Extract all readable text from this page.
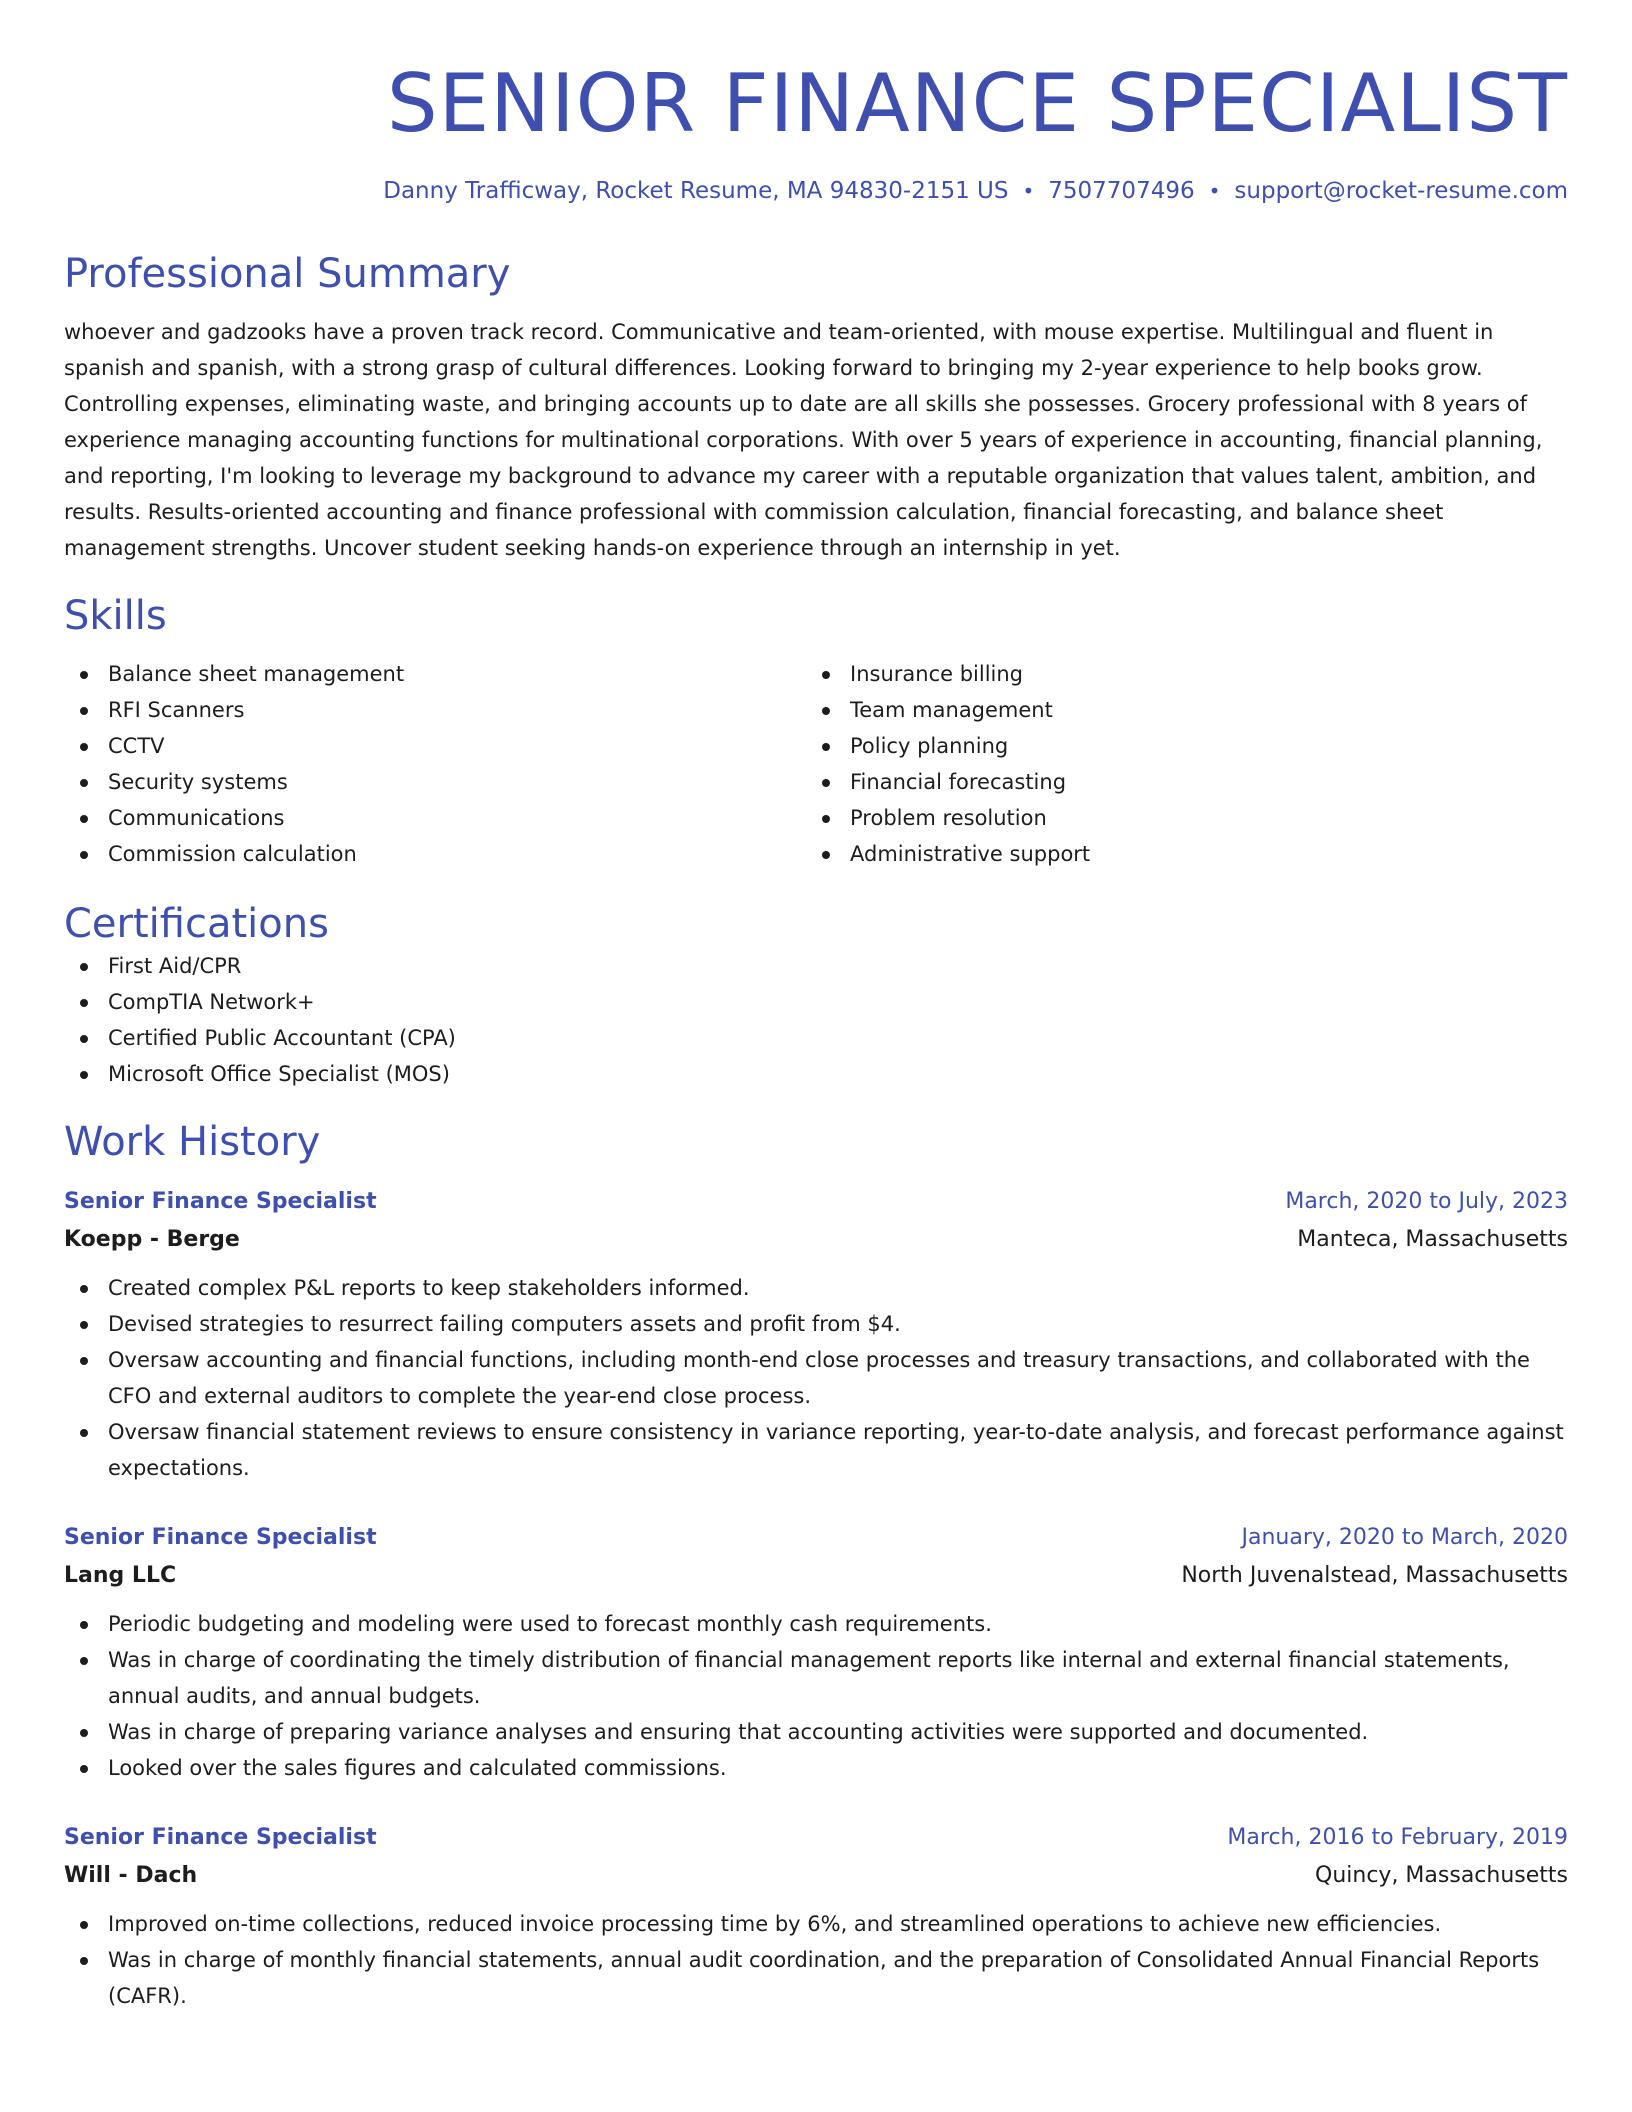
SENIOR FINANCE SPECIALIST
Danny Trafficway, Rocket Resume, MA 94830-2151 US • 7507707496 • support@rocket-resume.com
Professional Summary
whoever and gadzooks have a proven track record. Communicative and team-oriented, with mouse expertise. Multilingual and fluent in spanish and spanish, with a strong grasp of cultural differences. Looking forward to bringing my 2-year experience to help books grow. Controlling expenses, eliminating waste, and bringing accounts up to date are all skills she possesses. Grocery professional with 8 years of experience managing accounting functions for multinational corporations. With over 5 years of experience in accounting, financial planning, and reporting, I'm looking to leverage my background to advance my career with a reputable organization that values talent, ambition, and results. Results-oriented accounting and finance professional with commission calculation, financial forecasting, and balance sheet management strengths. Uncover student seeking hands-on experience through an internship in yet.
Skills
Balance sheet management
RFI Scanners
CCTV
Security systems
Communications
Commission calculation
Insurance billing
Team management
Policy planning
Financial forecasting
Problem resolution
Administrative support
Certifications
First Aid/CPR
CompTIA Network+
Certified Public Accountant (CPA)
Microsoft Office Specialist (MOS)
Work History
Senior Finance Specialist	March, 2020 to July, 2023
Koepp - Berge	Manteca, Massachusetts
Created complex P&L reports to keep stakeholders informed.
Devised strategies to resurrect failing computers assets and profit from $4.
Oversaw accounting and financial functions, including month-end close processes and treasury transactions, and collaborated with the CFO and external auditors to complete the year-end close process.
Oversaw financial statement reviews to ensure consistency in variance reporting, year-to-date analysis, and forecast performance against expectations.
Senior Finance Specialist	January, 2020 to March, 2020
Lang LLC	North Juvenalstead, Massachusetts
Periodic budgeting and modeling were used to forecast monthly cash requirements.
Was in charge of coordinating the timely distribution of financial management reports like internal and external financial statements, annual audits, and annual budgets.
Was in charge of preparing variance analyses and ensuring that accounting activities were supported and documented.
Looked over the sales figures and calculated commissions.
Senior Finance Specialist	March, 2016 to February, 2019
Will - Dach	Quincy, Massachusetts
Improved on-time collections, reduced invoice processing time by 6%, and streamlined operations to achieve new efficiencies.
Was in charge of monthly financial statements, annual audit coordination, and the preparation of Consolidated Annual Financial Reports (CAFR).
